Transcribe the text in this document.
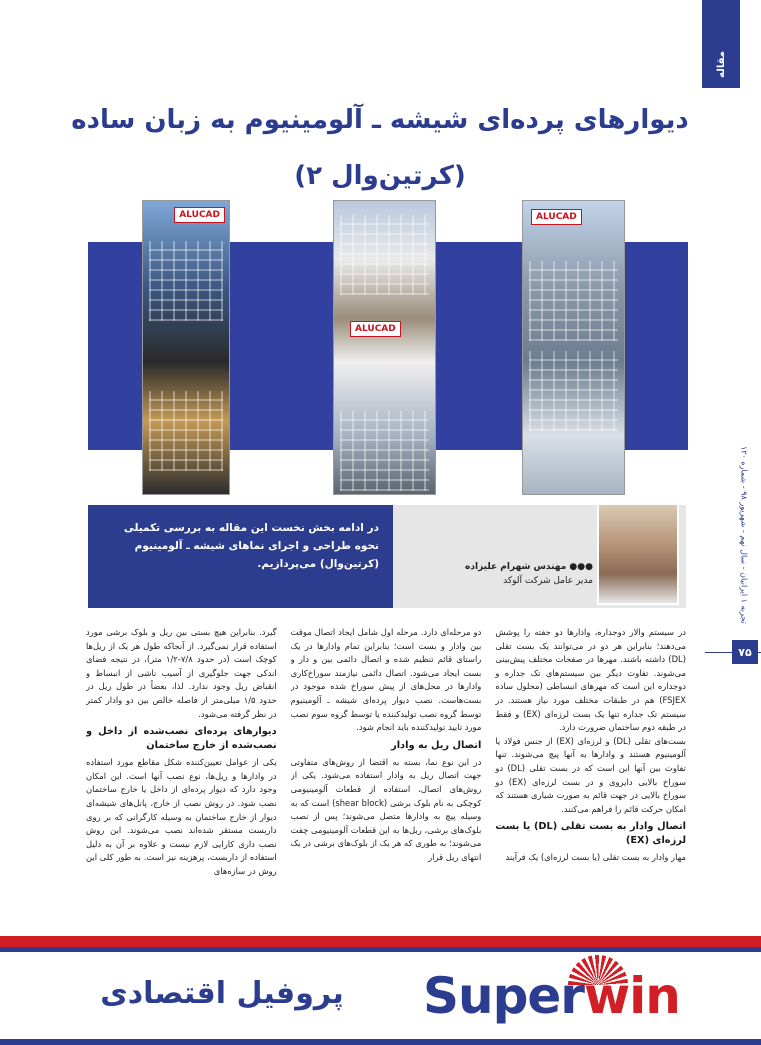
مقاله
تجربه ۱ ایرانیان - سال نهم - شهریور ۹۸ - شماره ۱۲۰
۷۵
دیوارهای پرده‌ای شیشه ـ آلومینیوم به زبان ساده
(کرتین‌وال ۲)
ALUCAD
ALUCAD
ALUCAD
در ادامه بخش نخست این مقاله به بررسی تکمیلی نحوه طراحی و اجرای نماهای شیشه ـ آلومینیوم (کرتین‌وال) می‌پردازیم.	●●● مهندس شهرام علیزاده
مدیر عامل شرکت آلوکد
در سیستم والار دوجداره، وادارها دو جفته را پوشش می‌دهند؛ بنابراین هر دو در می‌توانند یک بست تقلی (DL) داشته باشند. مهرها در صفحات مختلف پیش‌بینی می‌شوند. تفاوت دیگر بین سیستم‌های تک جداره و دوجداره این است که مهرهای انبساطی (محلول ساده FSJEX) هم در طبقات مختلف مورد نیاز هستند. در سیستم تک جداره تنها یک بست لرزه‌ای (EX) و فقط در طبقه دوم ساختمان ضرورت دارد.
بست‌های تقلی (DL) و لرزه‌ای (EX) از جنس فولاد یا آلومینیوم هستند و وادارها به آنها پیچ می‌شوند. تنها تفاوت بین آنها این است که در بست تقلی (DL) دو سوراخ بالایی دایروی و در بست لرزه‌ای (EX) دو سوراخ بالایی در جهت قائم به صورت شیاری هستند که امکان حرکت قائم را فراهم می‌کنند.
اتصال وادار به بست تقلی (DL) یا بست لرزه‌ای (EX)
مهار وادار به بست تقلی (یا بست لرزه‌ای) یک فرآیند
دو مرحله‌ای دارد. مرحله اول شامل ایجاد اتصال موقت بین وادار و بست است؛ بنابراین تمام وادارها در یک راستای قائم تنظیم شده و اتصال دائمی بین و دار و بست ایجاد می‌شود. اتصال دائمی نیازمند سوراخ‌کاری وادارها در محل‌های از پیش سوراخ شده موجود در بست‌هاست. نصب دیوار پرده‌ای شیشه ـ آلومینیوم توسط گروه نصب تولیدکننده یا توسط گروه سوم نصب مورد تایید تولیدکننده باید انجام شود.
اتصال ریل به وادار
در این نوع نما، بسته به اقتضا از روش‌های متفاوتی جهت اتصال ریل به وادار استفاده می‌شود. یکی از روش‌های اتصال، استفاده از قطعات آلومینیومی کوچکی به نام بلوک برشی (shear block) است که به وسیله پیچ به وادارها متصل می‌شوند؛ پس از نصب بلوک‌های برشی، ریل‌ها به این قطعات آلومینیومی چفت می‌شوند؛ به طوری که هر یک از بلوک‌های برشی در یک انتهای ریل قرار
گیرد. بنابراین هیچ بستی بین ریل و بلوک برشی مورد استفاده قرار نمی‌گیرد. از آنجاکه طول هر یک از ریل‌ها کوچک است (در حدود ۷/۸-۱/۲ متر)، در نتیجه فضای اندکی جهت جلوگیری از آسیب ناشی از انبساط و انقباض ریل وجود ندارد. لذا، بعضاً در طول ریل در حدود ۱/۵ میلی‌متر از فاصله خالص بین دو وادار کمتر در نظر گرفته می‌شود.
دیوارهای پرده‌ای نصب‌شده از داخل و نصب‌شده از خارج ساختمان
یکی از عوامل تعیین‌کننده شکل مقاطع مورد استفاده در وادارها و ریل‌ها، نوع نصب آنها است. این امکان وجود دارد که دیوار پرده‌ای از داخل یا خارج ساختمان نصب شود. در روش نصب از خارج، پانل‌های شیشه‌ای دیوار از خارج ساختمان به وسیله کارگرانی که بر روی داربست مستقر شده‌اند نصب می‌شوند. این روش نصب داری کارایی لازم نیست و علاوه بر آن به دلیل استفاده از داربست، پرهزینه نیز است. به طور کلی این روش در سازه‌های
Superwin
پروفیل اقتصادی
